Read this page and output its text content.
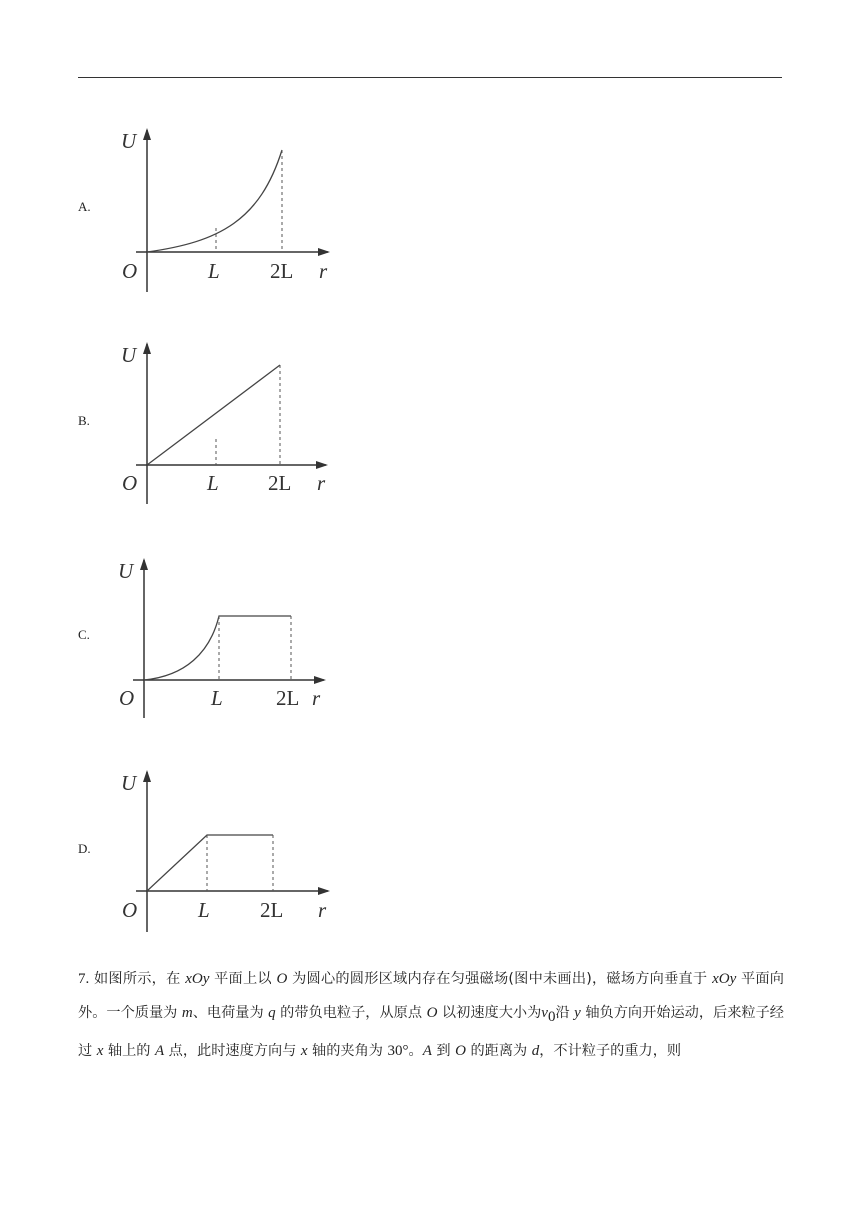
A.
U
O	L 2L r
B.
U
O	L 2L r
C.
U
O	L	2L r
D.
U
O	L 2L r
7. 如图所示，在 xOy 平面上以 O 为圆心的圆形区域内存在匀强磁场(图中未画出)，磁场方向垂直于 xOy 平面向外。一个质量为 m、电荷量为 q 的带负电粒子，从原点 O 以初速度大小为$v_0$沿 y 轴负方向开始运动，后来粒子经过 x 轴上的 A 点，此时速度方向与 x 轴的夹角为 30°。A 到 O 的距离为 d，不计粒子的重力，则
